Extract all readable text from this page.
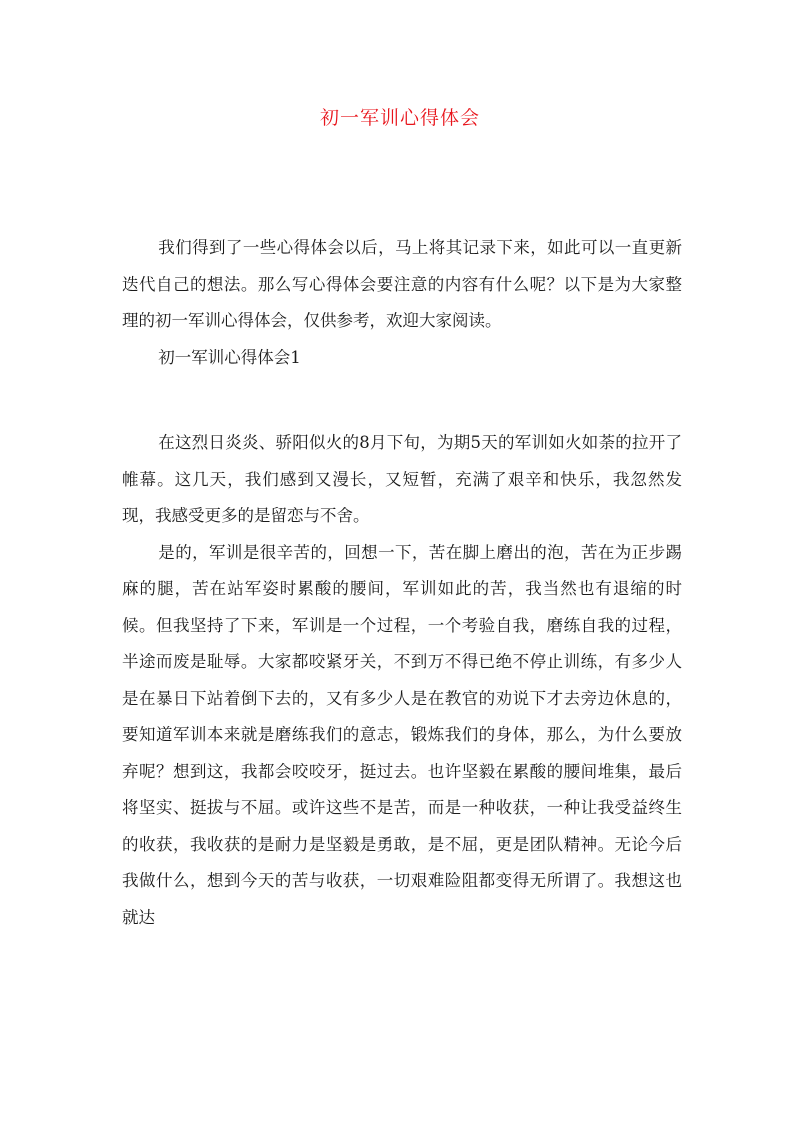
初一军训心得体会

我们得到了一些心得体会以后，马上将其记录下来，如此可以一直更新迭代自己的想法。那么写心得体会要注意的内容有什么呢？以下是为大家整理的初一军训心得体会，仅供参考，欢迎大家阅读。

初一军训心得体会1

在这烈日炎炎、骄阳似火的8月下旬，为期5天的军训如火如荼的拉开了帷幕。这几天，我们感到又漫长，又短暂，充满了艰辛和快乐，我忽然发现，我感受更多的是留恋与不舍。

是的，军训是很辛苦的，回想一下，苦在脚上磨出的泡，苦在为正步踢麻的腿，苦在站军姿时累酸的腰间，军训如此的苦，我当然也有退缩的时候。但我坚持了下来，军训是一个过程，一个考验自我，磨练自我的过程，半途而废是耻辱。大家都咬紧牙关，不到万不得已绝不停止训练，有多少人是在暴日下站着倒下去的，又有多少人是在教官的劝说下才去旁边休息的，要知道军训本来就是磨练我们的意志，锻炼我们的身体，那么，为什么要放弃呢？想到这，我都会咬咬牙，挺过去。也许坚毅在累酸的腰间堆集，最后将坚实、挺拔与不屈。或许这些不是苦，而是一种收获，一种让我受益终生的收获，我收获的是耐力是坚毅是勇敢，是不屈，更是团队精神。无论今后我做什么，想到今天的苦与收获，一切艰难险阻都变得无所谓了。我想这也就达
